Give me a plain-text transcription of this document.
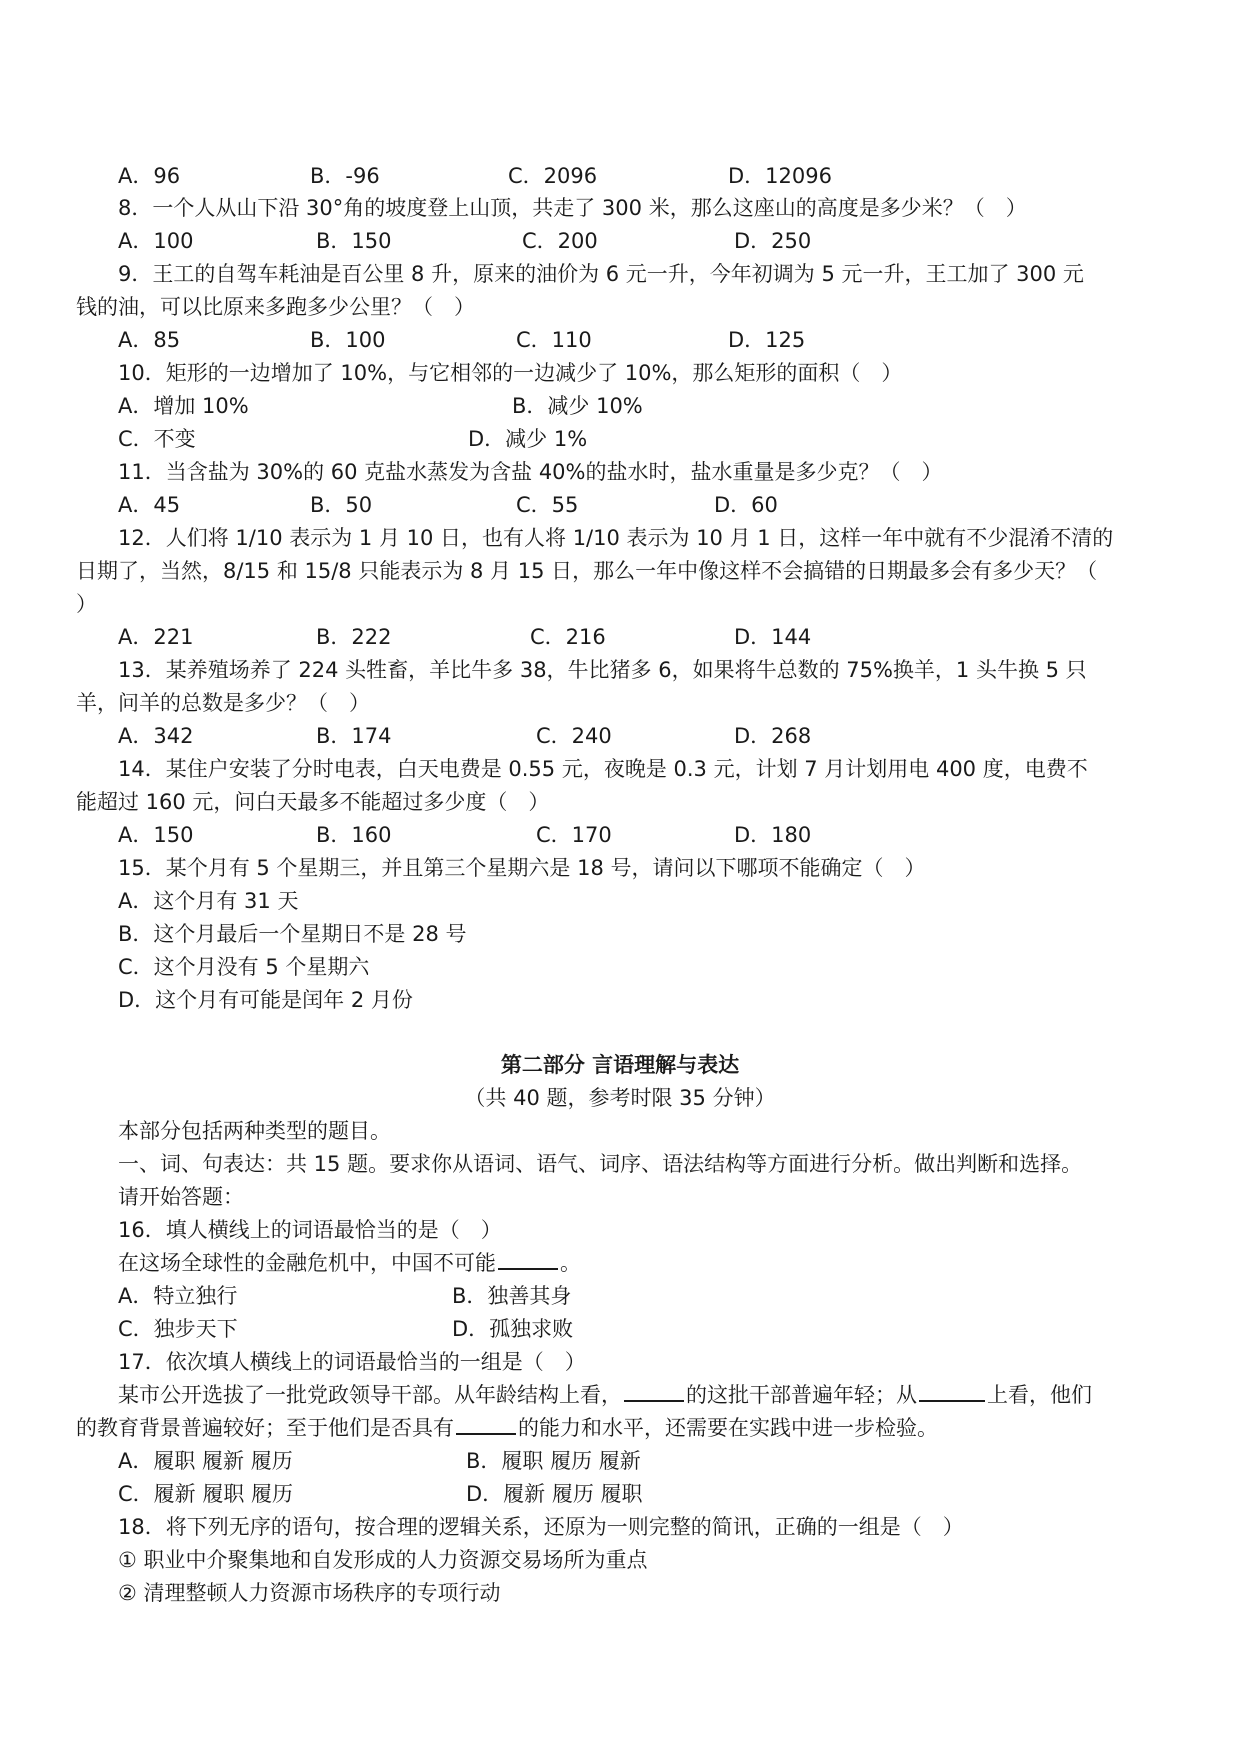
A．96	B．-96	C．2096	D．12096
8．一个人从山下沿 30°角的坡度登上山顶，共走了 300 米，那么这座山的高度是多少米？（　）
A．100	B．150	C．200	D．250
9．王工的自驾车耗油是百公里 8 升，原来的油价为 6 元一升，今年初调为 5 元一升，王工加了 300 元
钱的油，可以比原来多跑多少公里？（　）
A．85	B．100	C．110	D．125
10．矩形的一边增加了 10%，与它相邻的一边减少了 10%，那么矩形的面积（　）
A．增加 10%	B．减少 10%
C．不变	D．减少 1%
11．当含盐为 30%的 60 克盐水蒸发为含盐 40%的盐水时，盐水重量是多少克？（　）
A．45	B．50	C．55	D．60
12．人们将 1/10 表示为 1 月 10 日，也有人将 1/10 表示为 10 月 1 日，这样一年中就有不少混淆不清的
日期了，当然，8/15 和 15/8 只能表示为 8 月 15 日，那么一年中像这样不会搞错的日期最多会有多少天？（
）
A．221	B．222	C．216	D．144
13．某养殖场养了 224 头牲畜，羊比牛多 38，牛比猪多 6，如果将牛总数的 75%换羊，1 头牛换 5 只
羊，问羊的总数是多少？（　）
A．342	B．174	C．240	D．268
14．某住户安装了分时电表，白天电费是 0.55 元，夜晚是 0.3 元，计划 7 月计划用电 400 度，电费不
能超过 160 元，问白天最多不能超过多少度（　）
A．150	B．160	C．170	D．180
15．某个月有 5 个星期三，并且第三个星期六是 18 号，请问以下哪项不能确定（　）
A．这个月有 31 天
B．这个月最后一个星期日不是 28 号
C．这个月没有 5 个星期六
D．这个月有可能是闰年 2 月份
第二部分 言语理解与表达
（共 40 题，参考时限 35 分钟）
本部分包括两种类型的题目。
一、词、句表达：共 15 题。要求你从语词、语气、词序、语法结构等方面进行分析。做出判断和选择。
请开始答题：
16．填人横线上的词语最恰当的是（　）
在这场全球性的金融危机中，中国不可能	。
A．特立独行	B．独善其身
C．独步天下	D．孤独求败
17．依次填人横线上的词语最恰当的一组是（　）
某市公开选拔了一批党政领导干部。从年龄结构上看，	的这批干部普遍年轻；从	上看，他们
的教育背景普遍较好；至于他们是否具有	的能力和水平，还需要在实践中进一步检验。
A．履职 履新 履历	B．履职 履历 履新
C．履新 履职 履历	D．履新 履历 履职
18．将下列无序的语句，按合理的逻辑关系，还原为一则完整的简讯，正确的一组是（　）
① 职业中介聚集地和自发形成的人力资源交易场所为重点
② 清理整顿人力资源市场秩序的专项行动
